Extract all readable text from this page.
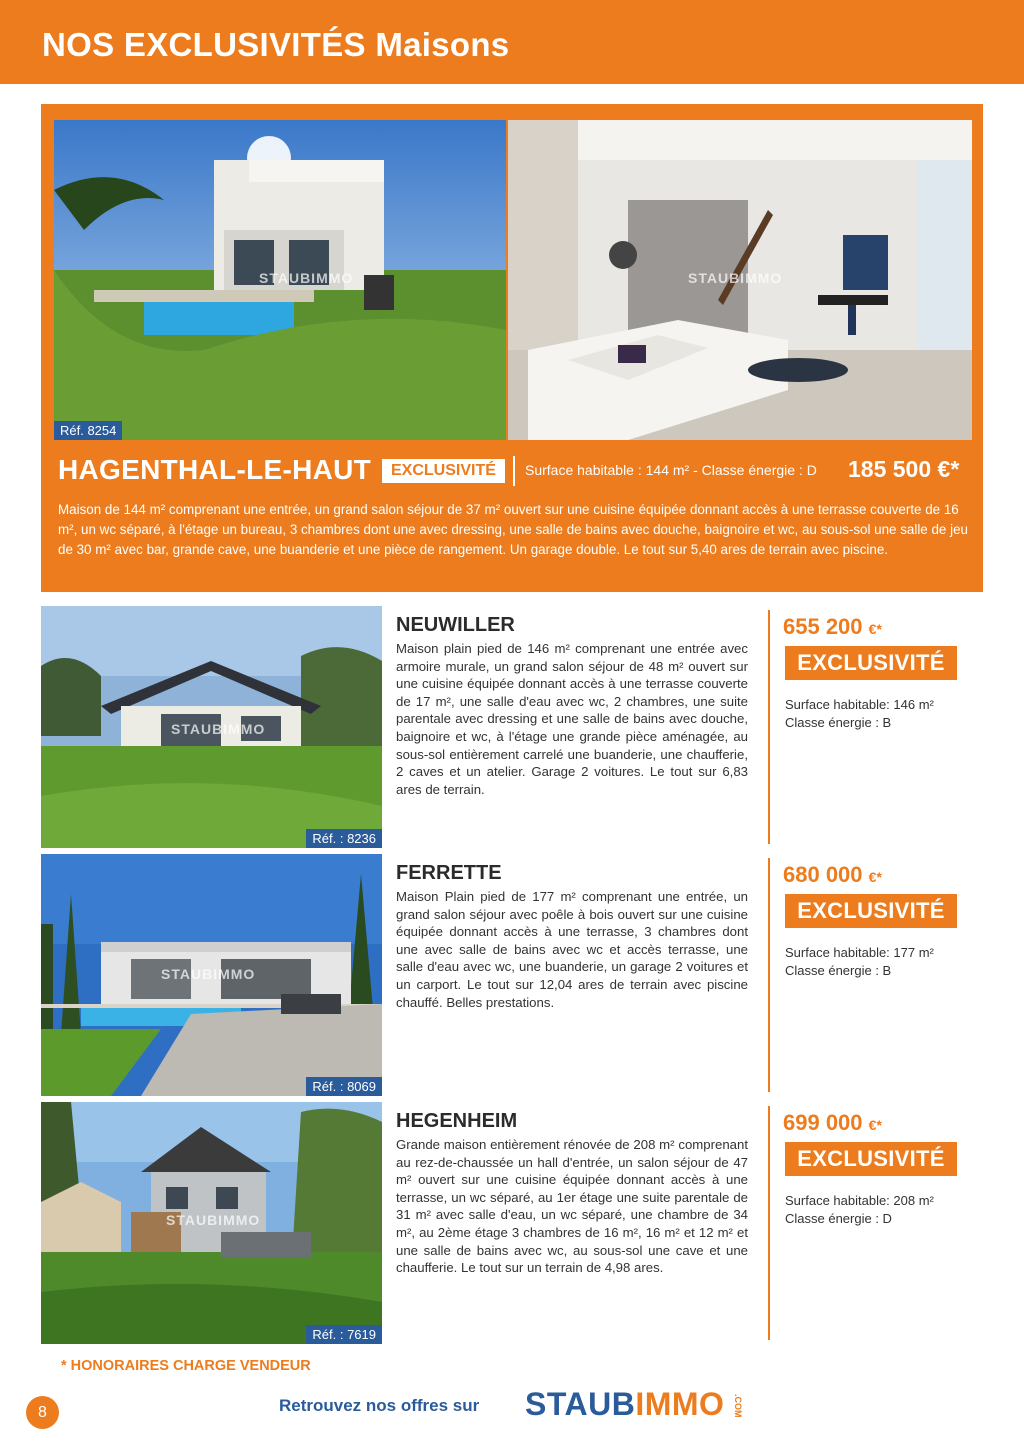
NOS EXCLUSIVITÉS Maisons
STAUBIMMO
Réf. 8254
STAUBIMMO
HAGENTHAL-LE-HAUT	EXCLUSIVITÉ	Surface habitable : 144 m² - Classe énergie : D 185 500 €*

Maison de 144 m² comprenant une entrée, un grand salon séjour de 37 m² ouvert sur une cuisine équipée donnant accès à une terrasse couverte de 16 m², un wc séparé, à l'étage un bureau, 3 chambres dont une avec dressing, une salle de bains avec douche, baignoire et wc, au sous-sol une salle de jeu de 30 m² avec bar, grande cave, une buanderie et une pièce de rangement. Un garage double. Le tout sur 5,40 ares de terrain avec piscine.

STAUBIMMO
Réf. : 8236
NEUWILLER

Maison plain pied de 146 m² comprenant une entrée avec armoire murale, un grand salon séjour de 48 m² ouvert sur une cuisine équipée donnant accès à une terrasse couverte de 17 m², une salle d'eau avec wc, 2 chambres, une suite parentale avec dressing et une salle de bains avec douche, baignoire et wc, à l'étage une grande pièce aménagée, au sous-sol entièrement carrelé une buanderie, une chaufferie, 2 caves et un atelier. Garage 2 voitures. Le tout sur 6,83 ares de terrain.

655 200 €*
EXCLUSIVITÉ
Surface habitable: 146 m²
Classe énergie : B
STAUBIMMO
Réf. : 8069
FERRETTE

Maison Plain pied de 177 m² comprenant une entrée, un grand salon séjour avec poêle à bois ouvert sur une cuisine équipée donnant accès à une terrasse, 3 chambres dont une avec salle de bains avec wc et accès terrasse, une salle d'eau avec wc, une buanderie, un garage 2 voitures et un carport. Le tout sur 12,04 ares de terrain avec piscine chauffé. Belles prestations.

680 000 €*
EXCLUSIVITÉ
Surface habitable: 177 m²
Classe énergie : B
STAUBIMMO
Réf. : 7619
HEGENHEIM

Grande maison entièrement rénovée de 208 m² comprenant au rez-de-chaussée un hall d'entrée, un salon séjour de 47 m² ouvert sur une cuisine équipée donnant accès à une terrasse, un wc séparé, au 1er étage une suite parentale de 31 m² avec salle d'eau, un wc séparé, une chambre de 34 m², au 2ème étage 3 chambres de 16 m², 16 m² et 12 m² et une salle de bains avec wc, au sous-sol une cave et une chaufferie. Le tout sur un terrain de 4,98 ares.

699 000 €*
EXCLUSIVITÉ
Surface habitable: 208 m²
Classe énergie : D
* HONORAIRES CHARGE VENDEUR
8	Retrouvez nos offres sur STAUBIMMO .COM
